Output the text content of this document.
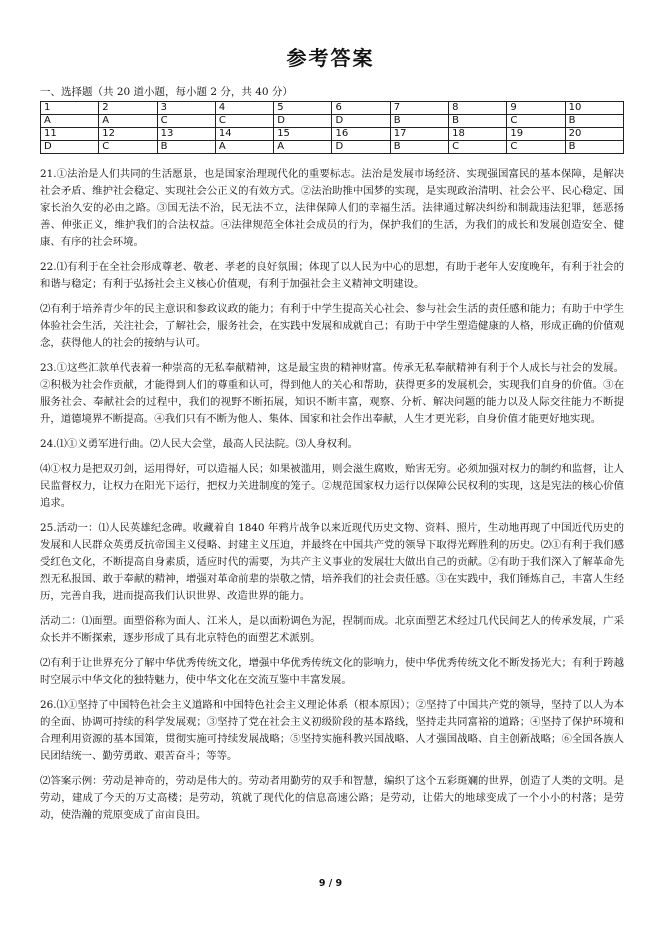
参考答案
一、选择题（共 20 道小题，每小题 2 分，共 40 分）
1	2	3	4	5	6	7	8	9	10
A	A	C	C	D	D	B	B	C	B
11	12	13	14	15	16	17	18	19	20
D	C	B	A	A	D	B	C	C	B

21.①法治是人们共同的生活愿景，也是国家治理现代化的重要标志。法治是发展市场经济、实现强国富民的基本保障，是解决社会矛盾、维护社会稳定、实现社会公正义的有效方式。②法治助推中国梦的实现，是实现政治清明、社会公平、民心稳定、国家长治久安的必由之路。③国无法不治，民无法不立，法律保障人们的幸福生活。法律通过解决纠纷和制裁违法犯罪，惩恶扬善、伸张正义，维护我们的合法权益。④法律规范全体社会成员的行为，保护我们的生活，为我们的成长和发展创造安全、健康、有序的社会环境。

22.⑴有利于在全社会形成尊老、敬老、孝老的良好氛围；体现了以人民为中心的思想，有助于老年人安度晚年，有利于社会的和谐与稳定；有利于弘扬社会主义核心价值观，有利于加强社会主义精神文明建设。

⑵有利于培养青少年的民主意识和参政议政的能力；有利于中学生提高关心社会、参与社会生活的责任感和能力；有助于中学生体验社会生活，关注社会，了解社会，服务社会，在实践中发展和成就自己；有助于中学生塑造健康的人格，形成正确的价值观念，获得他人的社会的接纳与认可。

23.①这些汇款单代表着一种崇高的无私奉献精神，这是最宝贵的精神财富。传承无私奉献精神有利于个人成长与社会的发展。②积极为社会作贡献，才能得到人们的尊重和认可，得到他人的关心和帮助，获得更多的发展机会，实现我们自身的价值。③在服务社会、奉献社会的过程中，我们的视野不断拓展，知识不断丰富，观察、分析、解决问题的能力以及人际交往能力不断提升，道德境界不断提高。④我们只有不断为他人、集体、国家和社会作出奉献，人生才更光彩，自身价值才能更好地实现。

24.⑴①义勇军进行曲。⑵人民大会堂，最高人民法院。⑶人身权利。

⑷①权力是把双刃剑，运用得好，可以造福人民；如果被滥用，则会滋生腐败，贻害无穷。必须加强对权力的制约和监督，让人民监督权力，让权力在阳光下运行，把权力关进制度的笼子。②规范国家权力运行以保障公民权利的实现，这是宪法的核心价值追求。

25.活动一：⑴人民英雄纪念碑。收藏着自 1840 年鸦片战争以来近现代历史文物、资料、照片，生动地再现了中国近代历史的发展和人民群众英勇反抗帝国主义侵略、封建主义压迫，并最终在中国共产党的领导下取得光辉胜利的历史。⑵①有利于我们感受红色文化，不断提高自身素质，适应时代的需要，为共产主义事业的发展壮大做出自己的贡献。②有助于我们深入了解革命先烈无私报国、敢于奉献的精神，增强对革命前辈的崇敬之情，培养我们的社会责任感。③在实践中，我们锤炼自己，丰富人生经历，完善自我，进而提高我们认识世界、改造世界的能力。

活动二：⑴面塑。面塑俗称为面人、江米人，是以面粉调色为泥，捏制而成。北京面塑艺术经过几代民间艺人的传承发展，广采众长并不断探索，逐步形成了具有北京特色的面塑艺术派别。

⑵有利于让世界充分了解中华优秀传统文化，增强中华优秀传统文化的影响力，使中华优秀传统文化不断发扬光大；有利于跨越时空展示中华文化的独特魅力，使中华文化在交流互鉴中丰富发展。

26.⑴①坚持了中国特色社会主义道路和中国特色社会主义理论体系（根本原因）；②坚持了中国共产党的领导，坚持了以人为本的全面、协调可持续的科学发展观；③坚持了党在社会主义初级阶段的基本路线，坚持走共同富裕的道路；④坚持了保护环境和合理利用资源的基本国策，贯彻实施可持续发展战略；⑤坚持实施科教兴国战略、人才强国战略、自主创新战略；⑥全国各族人民团结统一、勤劳勇敢、艰苦奋斗；等等。

⑵答案示例：劳动是神奇的，劳动是伟大的。劳动者用勤劳的双手和智慧，编织了这个五彩斑斓的世界，创造了人类的文明。是劳动，建成了今天的万丈高楼；是劳动，筑就了现代化的信息高速公路；是劳动，让偌大的地球变成了一个小小的村落；是劳动，使浩瀚的荒原变成了亩亩良田。

9 / 9
